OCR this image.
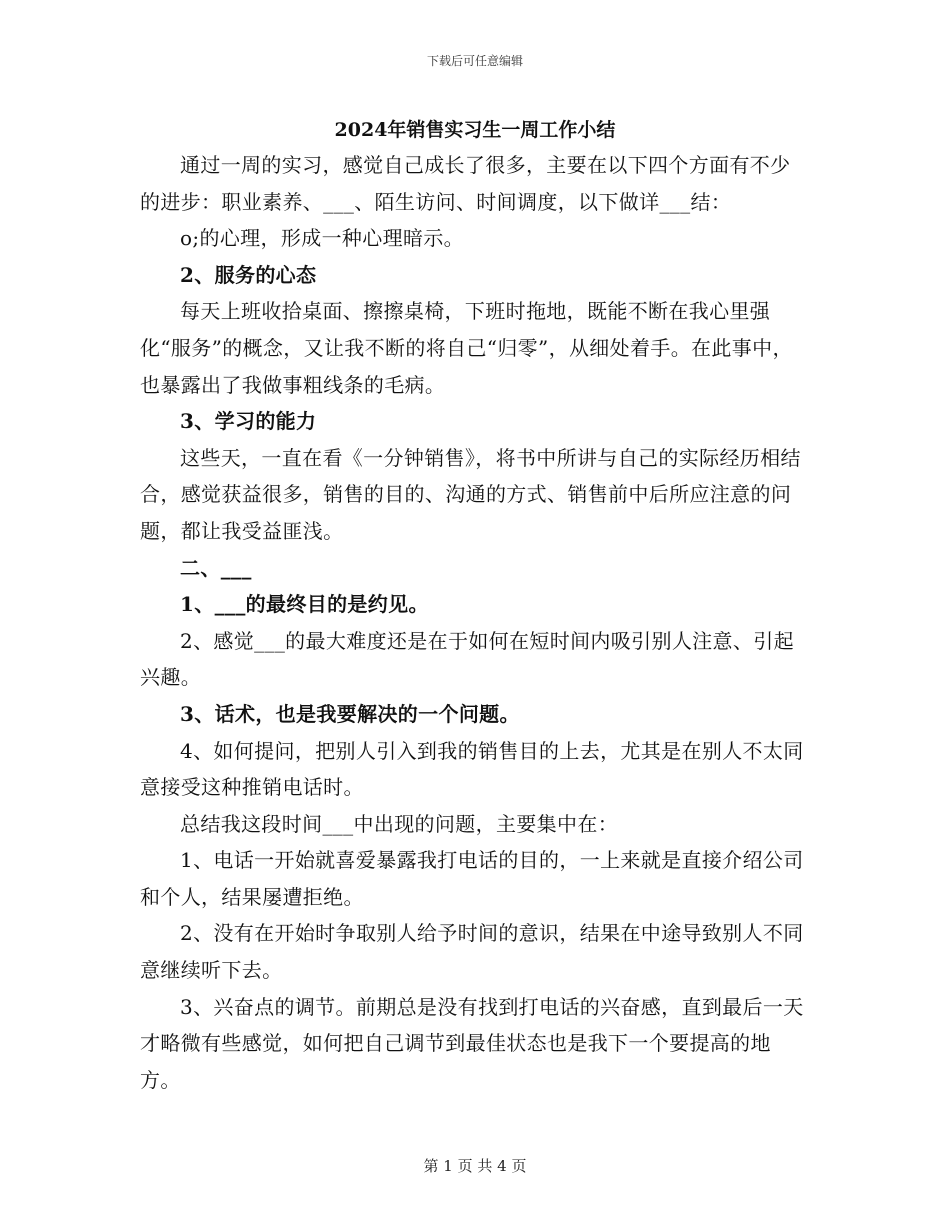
下载后可任意编辑
2024年销售实习生一周工作小结

通过一周的实习，感觉自己成长了很多，主要在以下四个方面有不少的进步：职业素养、___、陌生访问、时间调度，以下做详___结：

o;的心理，形成一种心理暗示。

2、服务的心态

每天上班收拾桌面、擦擦桌椅，下班时拖地，既能不断在我心里强化“服务”的概念，又让我不断的将自己“归零”，从细处着手。在此事中，也暴露出了我做事粗线条的毛病。

3、学习的能力

这些天，一直在看《一分钟销售》，将书中所讲与自己的实际经历相结合，感觉获益很多，销售的目的、沟通的方式、销售前中后所应注意的问题，都让我受益匪浅。

二、___

1、___的最终目的是约见。

2、感觉___的最大难度还是在于如何在短时间内吸引别人注意、引起兴趣。

3、话术，也是我要解决的一个问题。

4、如何提问，把别人引入到我的销售目的上去，尤其是在别人不太同意接受这种推销电话时。

总结我这段时间___中出现的问题，主要集中在：

1、电话一开始就喜爱暴露我打电话的目的，一上来就是直接介绍公司和个人，结果屡遭拒绝。

2、没有在开始时争取别人给予时间的意识，结果在中途导致别人不同意继续听下去。

3、兴奋点的调节。前期总是没有找到打电话的兴奋感，直到最后一天才略微有些感觉，如何把自己调节到最佳状态也是我下一个要提高的地方。

第 1 页 共 4 页
